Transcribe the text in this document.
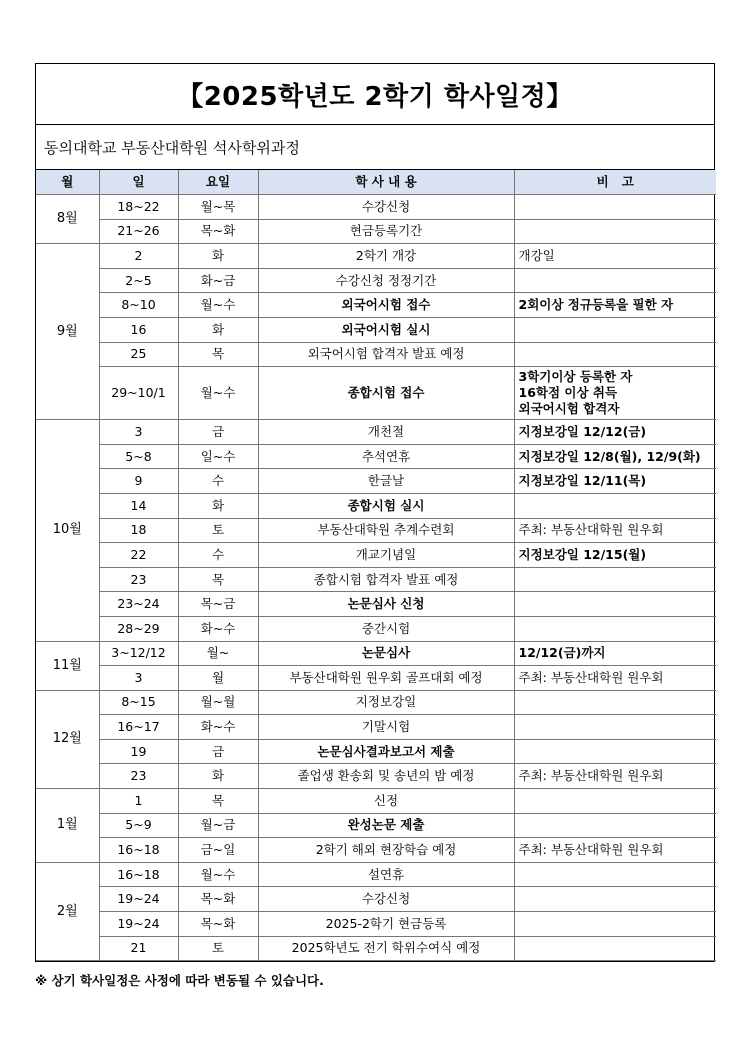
【2025학년도 2학기 학사일정】
동의대학교 부동산대학원 석사학위과정
월	일	요일	학 사 내 용	비   고
8월	18~22	월~목	수강신청	
	21~26	목~화	현금등록기간	
9월	2	화	2학기 개강	개강일
	2~5	화~금	수강신청 정정기간	
	8~10	월~수	외국어시험 접수	2회이상 정규등록을 필한 자
	16	화	외국어시험 실시	
	25	목	외국어시험 합격자 발표 예정	
	29~10/1	월~수	종합시험 접수	3학기이상 등록한 자
16학점 이상 취득
외국어시험 합격자

10월	3	금	개천절	지정보강일 12/12(금)
	5~8	일~수	추석연휴	지정보강일 12/8(월), 12/9(화)
	9	수	한글날	지정보강일 12/11(목)
	14	화	종합시험 실시	
	18	토	부동산대학원 추계수련회	주최: 부동산대학원 원우회
	22	수	개교기념일	지정보강일 12/15(월)
	23	목	종합시험 합격자 발표 예정	
	23~24	목~금	논문심사 신청	
	28~29	화~수	중간시험	
11월	3~12/12	월~	논문심사	12/12(금)까지
	3	월	부동산대학원 원우회 골프대회 예정	주최: 부동산대학원 원우회
12월	8~15	월~월	지정보강일	
	16~17	화~수	기말시험	
	19	금	논문심사결과보고서 제출	
	23	화	졸업생 환송회 및 송년의 밤 예정	주최: 부동산대학원 원우회
1월	1	목	신정	
	5~9	월~금	완성논문 제출	
	16~18	금~일	2학기 해외 현장학습 예정	주최: 부동산대학원 원우회
2월	16~18	월~수	설연휴	
	19~24	목~화	수강신청	
	19~24	목~화	2025-2학기 현금등록	
	21	토	2025학년도 전기 학위수여식 예정	
※ 상기 학사일정은 사정에 따라 변동될 수 있습니다.
